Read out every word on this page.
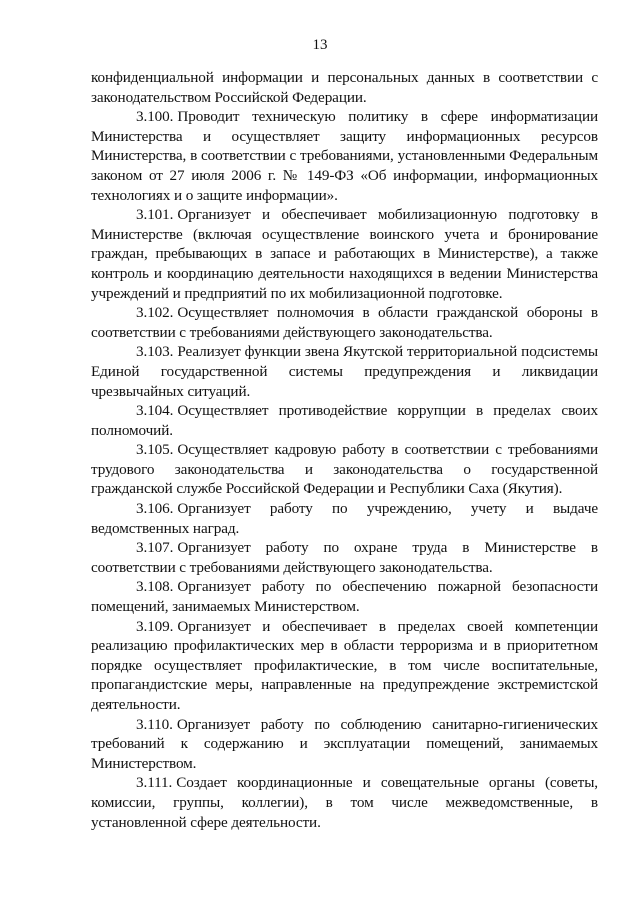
13

конфиденциальной информации и персональных данных в соответствии с законодательством Российской Федерации.

3.100. Проводит техническую политику в сфере информатизации Министерства и осуществляет защиту информационных ресурсов Министерства, в соответствии с требованиями, установленными Федеральным законом от 27 июля 2006 г. № 149-ФЗ «Об информации, информационных технологиях и о защите информации».

3.101. Организует и обеспечивает мобилизационную подготовку в Министерстве (включая осуществление воинского учета и бронирование граждан, пребывающих в запасе и работающих в Министерстве), а также контроль и координацию деятельности находящихся в ведении Министерства учреждений и предприятий по их мобилизационной подготовке.

3.102. Осуществляет полномочия в области гражданской обороны в соответствии с требованиями действующего законодательства.

3.103. Реализует функции звена Якутской территориальной подсистемы Единой государственной системы предупреждения и ликвидации чрезвычайных ситуаций.

3.104. Осуществляет противодействие коррупции в пределах своих полномочий.

3.105. Осуществляет кадровую работу в соответствии с требованиями трудового законодательства и законодательства о государственной гражданской службе Российской Федерации и Республики Саха (Якутия).

3.106. Организует работу по учреждению, учету и выдаче ведомственных наград.

3.107. Организует работу по охране труда в Министерстве в соответствии с требованиями действующего законодательства.

3.108. Организует работу по обеспечению пожарной безопасности помещений, занимаемых Министерством.

3.109. Организует и обеспечивает в пределах своей компетенции реализацию профилактических мер в области терроризма и в приоритетном порядке осуществляет профилактические, в том числе воспитательные, пропагандистские меры, направленные на предупреждение экстремистской деятельности.

3.110. Организует работу по соблюдению санитарно-гигиенических требований к содержанию и эксплуатации помещений, занимаемых Министерством.

3.111. Создает координационные и совещательные органы (советы, комиссии, группы, коллегии), в том числе межведомственные, в установленной сфере деятельности.
